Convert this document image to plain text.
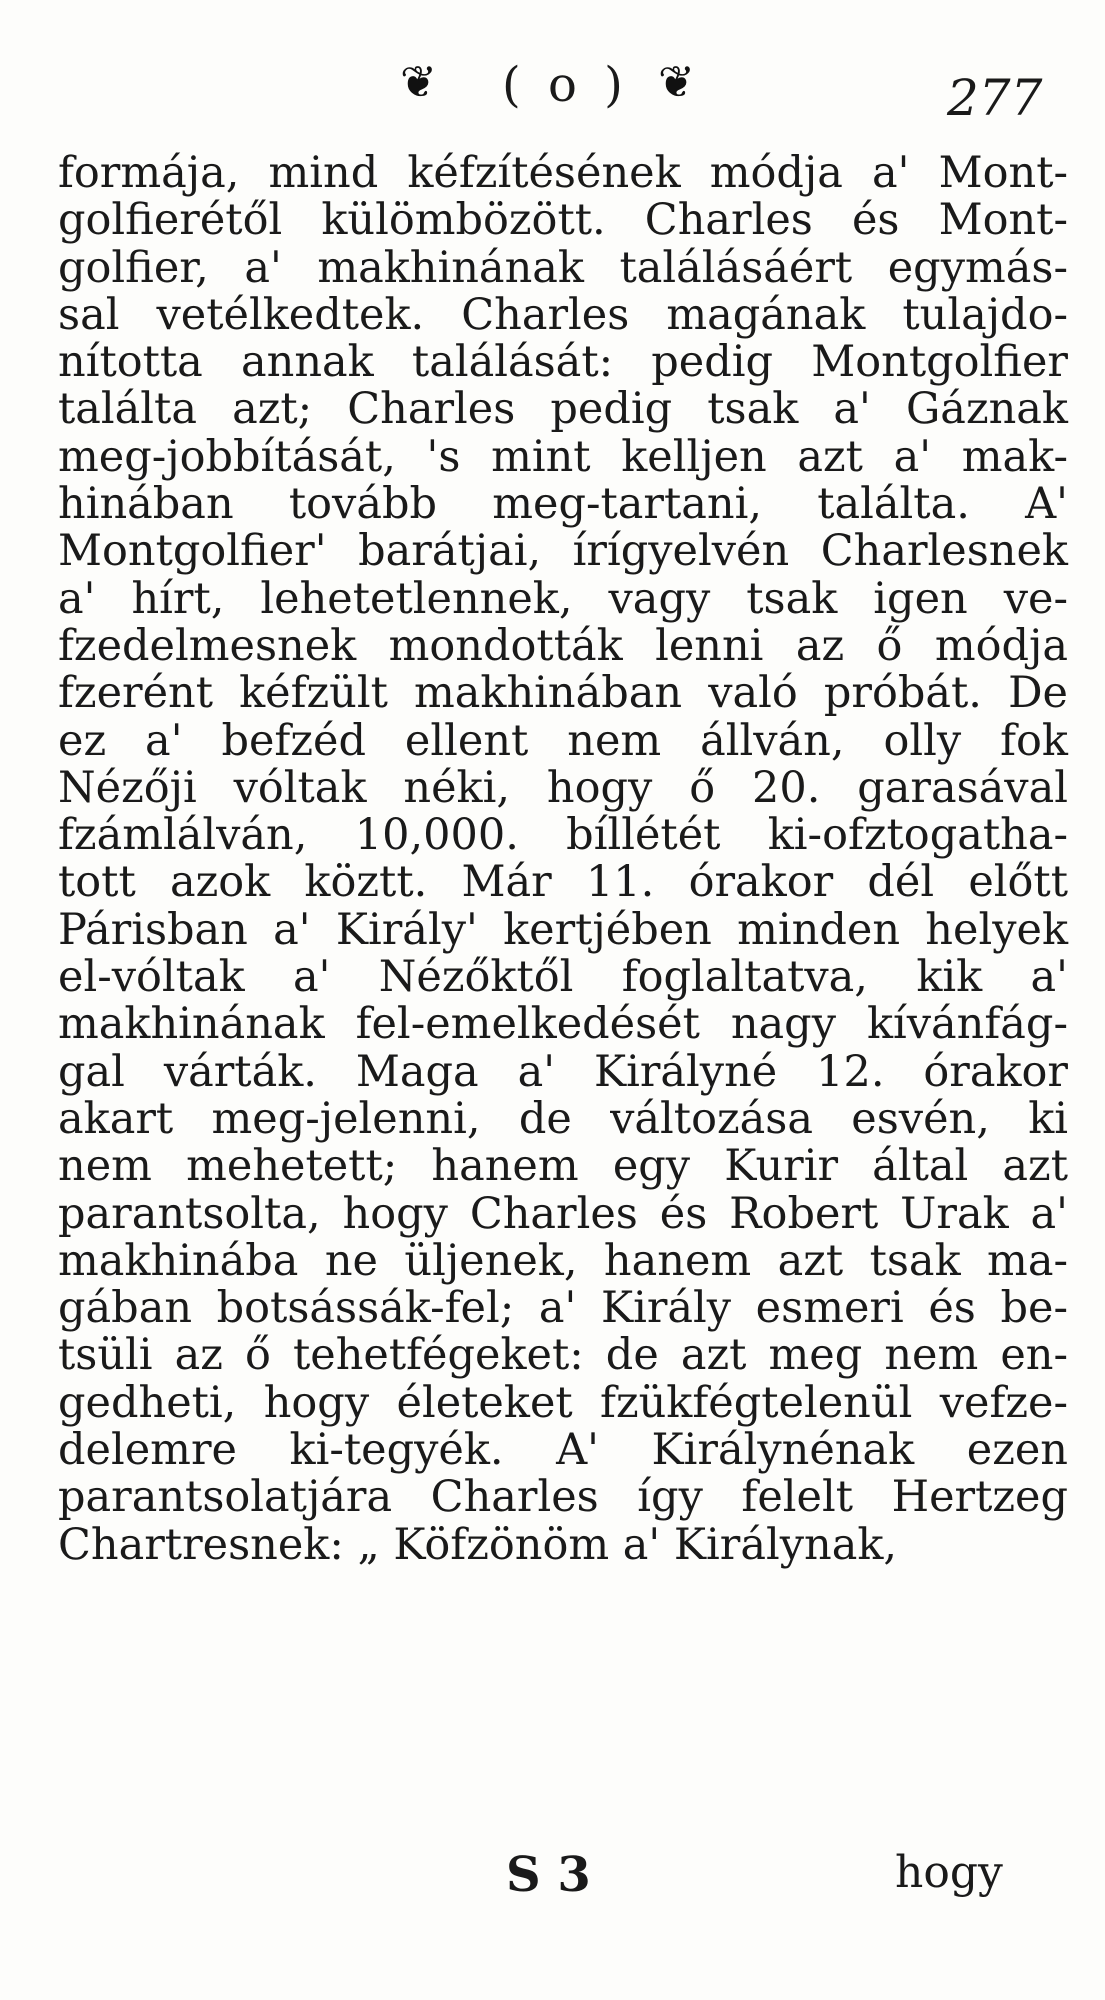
❦ ( o ) ❦	277
formája, mind kéfzítésének módja a' Mont-
golfierétől külömbözött. Charles és Mont-
golfier, a' makhinának találásáért egymás-
sal vetélkedtek. Charles magának tulajdo-
nította annak találását: pedig Montgolfier
találta azt; Charles pedig tsak a' Gáznak
meg-jobbítását, 's mint kelljen azt a' mak-
hinában tovább meg-tartani, találta. A'
Montgolfier' barátjai, írígyelvén Charlesnek
a' hírt, lehetetlennek, vagy tsak igen ve-
fzedelmesnek mondották lenni az ő módja
fzerént kéfzült makhinában való próbát. De
ez a' befzéd ellent nem állván, olly fok
Nézőji vóltak néki, hogy ő 20. garasával
fzámlálván, 10,000. bíllétét ki-ofztogatha-
tott azok köztt. Már 11. órakor dél előtt
Párisban a' Király' kertjében minden helyek
el-vóltak a' Nézőktől foglaltatva, kik a'
makhinának fel-emelkedését nagy kívánfág-
gal várták. Maga a' Királyné 12. órakor
akart meg-jelenni, de változása esvén, ki
nem mehetett; hanem egy Kurir által azt
parantsolta, hogy Charles és Robert Urak a'
makhinába ne üljenek, hanem azt tsak ma-
gában botsássák-fel; a' Király esmeri és be-
tsüli az ő tehetfégeket: de azt meg nem en-
gedheti, hogy életeket fzükfégtelenül vefze-
delemre ki-tegyék. A' Királynénak ezen
parantsolatjára Charles így felelt Hertzeg
Chartresnek: „ Köfzönöm a' Királynak,
S 3	hogy
